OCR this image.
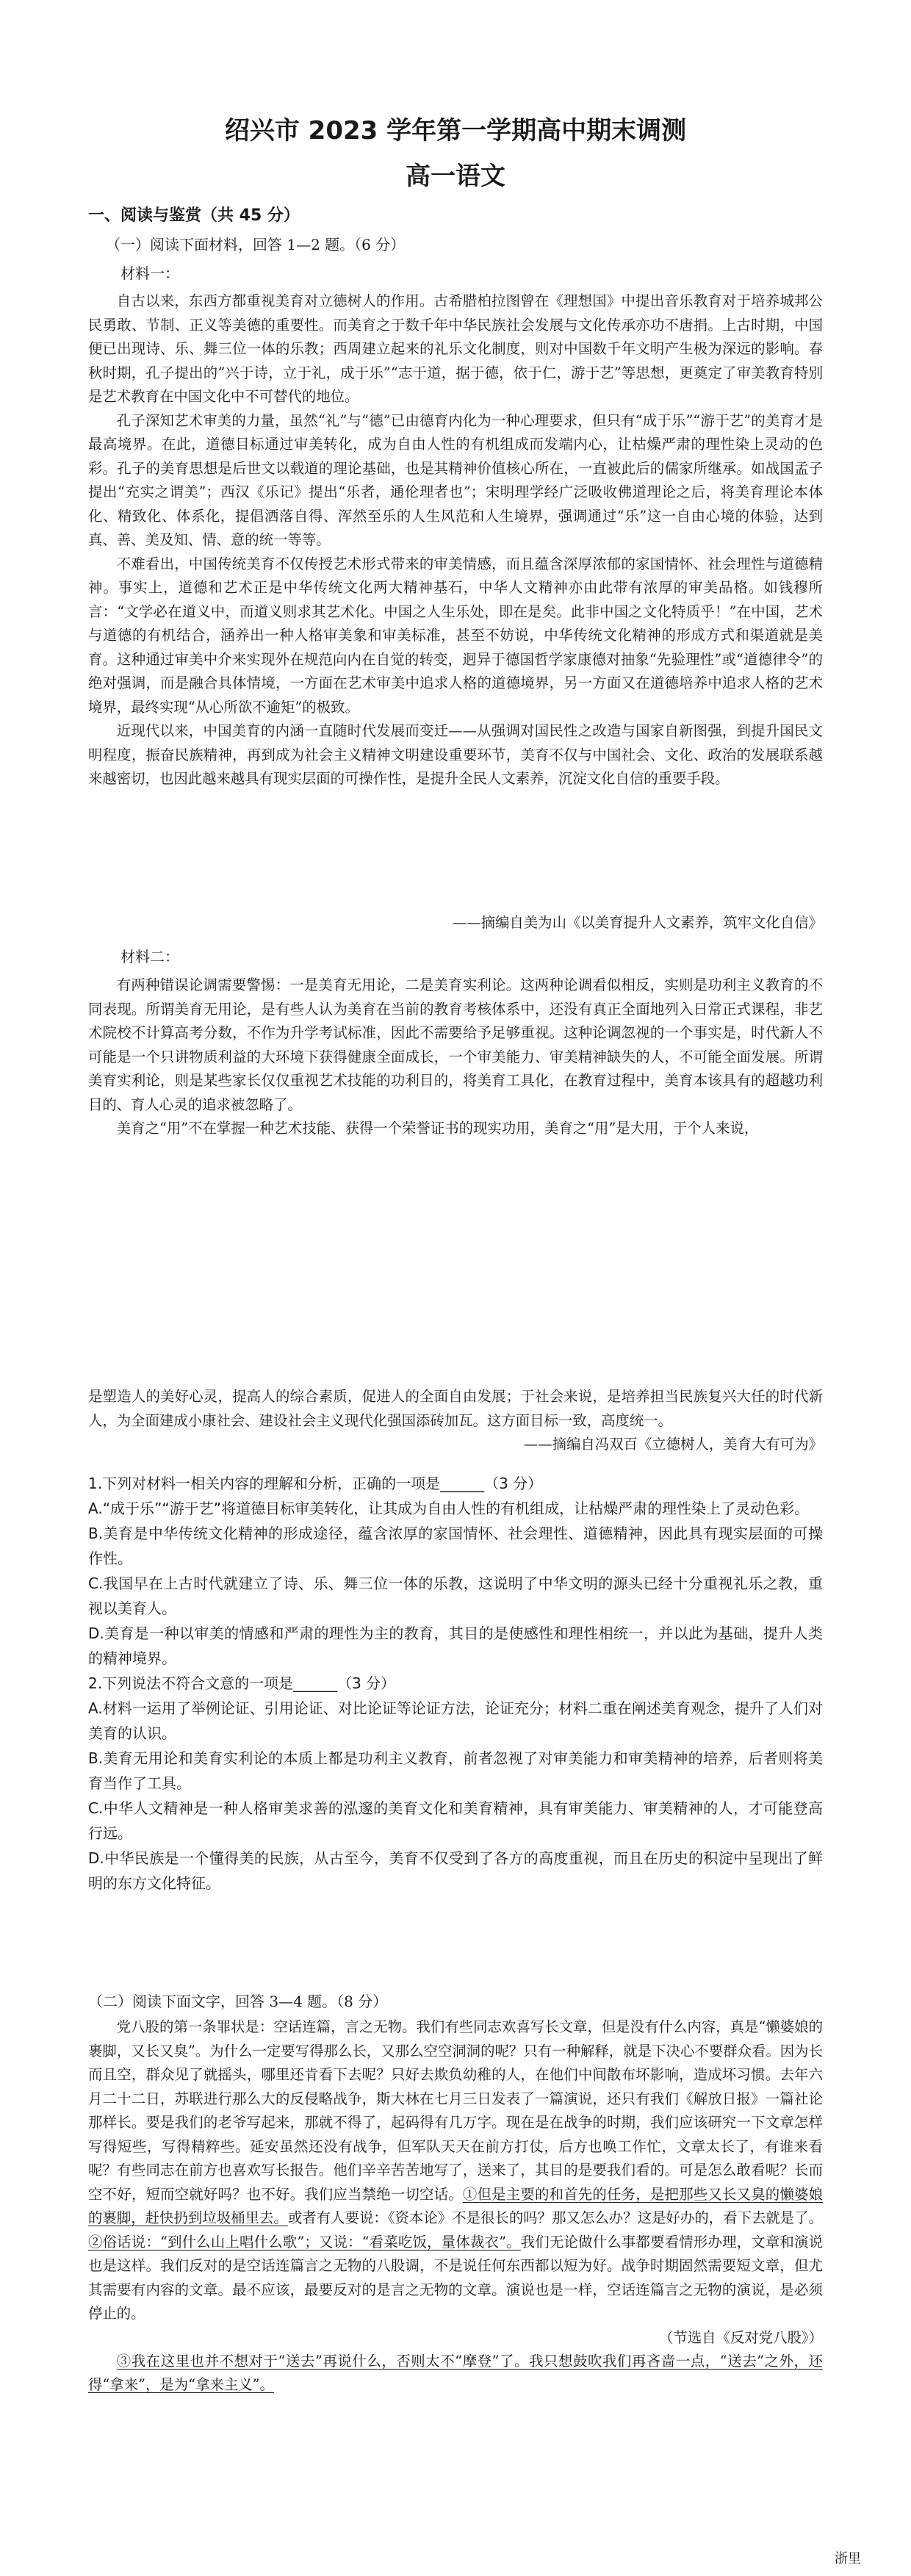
绍兴市 2023 学年第一学期高中期末调测
高一语文

一、阅读与鉴赏（共 45 分）

（一）阅读下面材料，回答 1—2 题。（6 分）

材料一：

自古以来，东西方都重视美育对立德树人的作用。古希腊柏拉图曾在《理想国》中提出音乐教育对于培养城邦公民勇敢、节制、正义等美德的重要性。而美育之于数千年中华民族社会发展与文化传承亦功不唐捐。上古时期，中国便已出现诗、乐、舞三位一体的乐教；西周建立起来的礼乐文化制度，则对中国数千年文明产生极为深远的影响。春秋时期，孔子提出的“兴于诗，立于礼，成于乐”“志于道，据于德，依于仁，游于艺”等思想，更奠定了审美教育特别是艺术教育在中国文化中不可替代的地位。

孔子深知艺术审美的力量，虽然“礼”与“德”已由德育内化为一种心理要求，但只有“成于乐”“游于艺”的美育才是最高境界。在此，道德目标通过审美转化，成为自由人性的有机组成而发端内心，让枯燥严肃的理性染上灵动的色彩。孔子的美育思想是后世文以载道的理论基础，也是其精神价值核心所在，一直被此后的儒家所继承。如战国孟子提出“充实之谓美”；西汉《乐记》提出“乐者，通伦理者也”；宋明理学经广泛吸收佛道理论之后，将美育理论本体化、精致化、体系化，提倡洒落自得、浑然至乐的人生风范和人生境界，强调通过“乐”这一自由心境的体验，达到真、善、美及知、情、意的统一等等。

不难看出，中国传统美育不仅传授艺术形式带来的审美情感，而且蕴含深厚浓郁的家国情怀、社会理性与道德精神。事实上，道德和艺术正是中华传统文化两大精神基石，中华人文精神亦由此带有浓厚的审美品格。如钱穆所言：“文学必在道义中，而道义则求其艺术化。中国之人生乐处，即在是矣。此非中国之文化特质乎！”在中国，艺术与道德的有机结合，涵养出一种人格审美象和审美标准，甚至不妨说，中华传统文化精神的形成方式和渠道就是美育。这种通过审美中介来实现外在规范向内在自觉的转变，迥异于德国哲学家康德对抽象“先验理性”或“道德律令”的绝对强调，而是融合具体情境，一方面在艺术审美中追求人格的道德境界，另一方面又在道德培养中追求人格的艺术境界，最终实现“从心所欲不逾矩”的极致。

近现代以来，中国美育的内涵一直随时代发展而变迁——从强调对国民性之改造与国家自新图强，到提升国民文明程度，振奋民族精神，再到成为社会主义精神文明建设重要环节，美育不仅与中国社会、文化、政治的发展联系越来越密切，也因此越来越具有现实层面的可操作性，是提升全民人文素养，沉淀文化自信的重要手段。

——摘编自美为山《以美育提升人文素养，筑牢文化自信》

材料二：

有两种错误论调需要警惕：一是美育无用论，二是美育实利论。这两种论调看似相反，实则是功利主义教育的不同表现。所谓美育无用论，是有些人认为美育在当前的教育考核体系中，还没有真正全面地列入日常正式课程，非艺术院校不计算高考分数，不作为升学考试标准，因此不需要给予足够重视。这种论调忽视的一个事实是，时代新人不可能是一个只讲物质利益的大环境下获得健康全面成长，一个审美能力、审美精神缺失的人，不可能全面发展。所谓美育实利论，则是某些家长仅仅重视艺术技能的功利目的，将美育工具化，在教育过程中，美育本该具有的超越功利目的、育人心灵的追求被忽略了。

美育之“用”不在掌握一种艺术技能、获得一个荣誉证书的现实功用，美育之“用”是大用，于个人来说，

是塑造人的美好心灵，提高人的综合素质，促进人的全面自由发展；于社会来说，是培养担当民族复兴大任的时代新人，为全面建成小康社会、建设社会主义现代化强国添砖加瓦。这方面目标一致，高度统一。

——摘编自冯双百《立德树人，美育大有可为》

1.下列对材料一相关内容的理解和分析，正确的一项是______（3 分）

A.“成于乐”“游于艺”将道德目标审美转化，让其成为自由人性的有机组成，让枯燥严肃的理性染上了灵动色彩。

B.美育是中华传统文化精神的形成途径，蕴含浓厚的家国情怀、社会理性、道德精神，因此具有现实层面的可操作性。

C.我国早在上古时代就建立了诗、乐、舞三位一体的乐教，这说明了中华文明的源头已经十分重视礼乐之教，重视以美育人。

D.美育是一种以审美的情感和严肃的理性为主的教育，其目的是使感性和理性相统一，并以此为基础，提升人类的精神境界。

2.下列说法不符合文意的一项是______（3 分）

A.材料一运用了举例论证、引用论证、对比论证等论证方法，论证充分；材料二重在阐述美育观念，提升了人们对美育的认识。

B.美育无用论和美育实利论的本质上都是功利主义教育，前者忽视了对审美能力和审美精神的培养，后者则将美育当作了工具。

C.中华人文精神是一种人格审美求善的泓邃的美育文化和美育精神，具有审美能力、审美精神的人，才可能登高行远。

D.中华民族是一个懂得美的民族，从古至今，美育不仅受到了各方的高度重视，而且在历史的积淀中呈现出了鲜明的东方文化特征。

（二）阅读下面文字，回答 3—4 题。（8 分）

党八股的第一条罪状是：空话连篇，言之无物。我们有些同志欢喜写长文章，但是没有什么内容，真是“懒婆娘的裹脚，又长又臭”。为什么一定要写得那么长，又那么空空洞洞的呢？只有一种解释，就是下决心不要群众看。因为长而且空，群众见了就摇头，哪里还肯看下去呢？只好去欺负幼稚的人，在他们中间散布坏影响，造成坏习惯。去年六月二十二日，苏联进行那么大的反侵略战争，斯大林在七月三日发表了一篇演说，还只有我们《解放日报》一篇社论那样长。要是我们的老爷写起来，那就不得了，起码得有几万字。现在是在战争的时期，我们应该研究一下文章怎样写得短些，写得精粹些。延安虽然还没有战争，但军队天天在前方打仗，后方也唤工作忙，文章太长了，有谁来看呢？有些同志在前方也喜欢写长报告。他们辛辛苦苦地写了，送来了，其目的是要我们看的。可是怎么敢看呢？长而空不好，短而空就好吗？也不好。我们应当禁绝一切空话。①但是主要的和首先的任务，是把那些又长又臭的懒婆娘的裹脚，赶快扔到垃圾桶里去。或者有人要说：《资本论》不是很长的吗？那又怎么办？这是好办的，看下去就是了。②俗话说：“到什么山上唱什么歌”；又说：“看菜吃饭，量体裁衣”。我们无论做什么事都要看情形办理，文章和演说也是这样。我们反对的是空话连篇言之无物的八股调，不是说任何东西都以短为好。战争时期固然需要短文章，但尤其需要有内容的文章。最不应该，最要反对的是言之无物的文章。演说也是一样，空话连篇言之无物的演说，是必须停止的。

（节选自《反对党八股》）

③我在这里也并不想对于“送去”再说什么，否则太不“摩登”了。我只想鼓吹我们再吝啬一点，“送去”之外，还得“拿来”，是为“拿来主义”。

浙里
